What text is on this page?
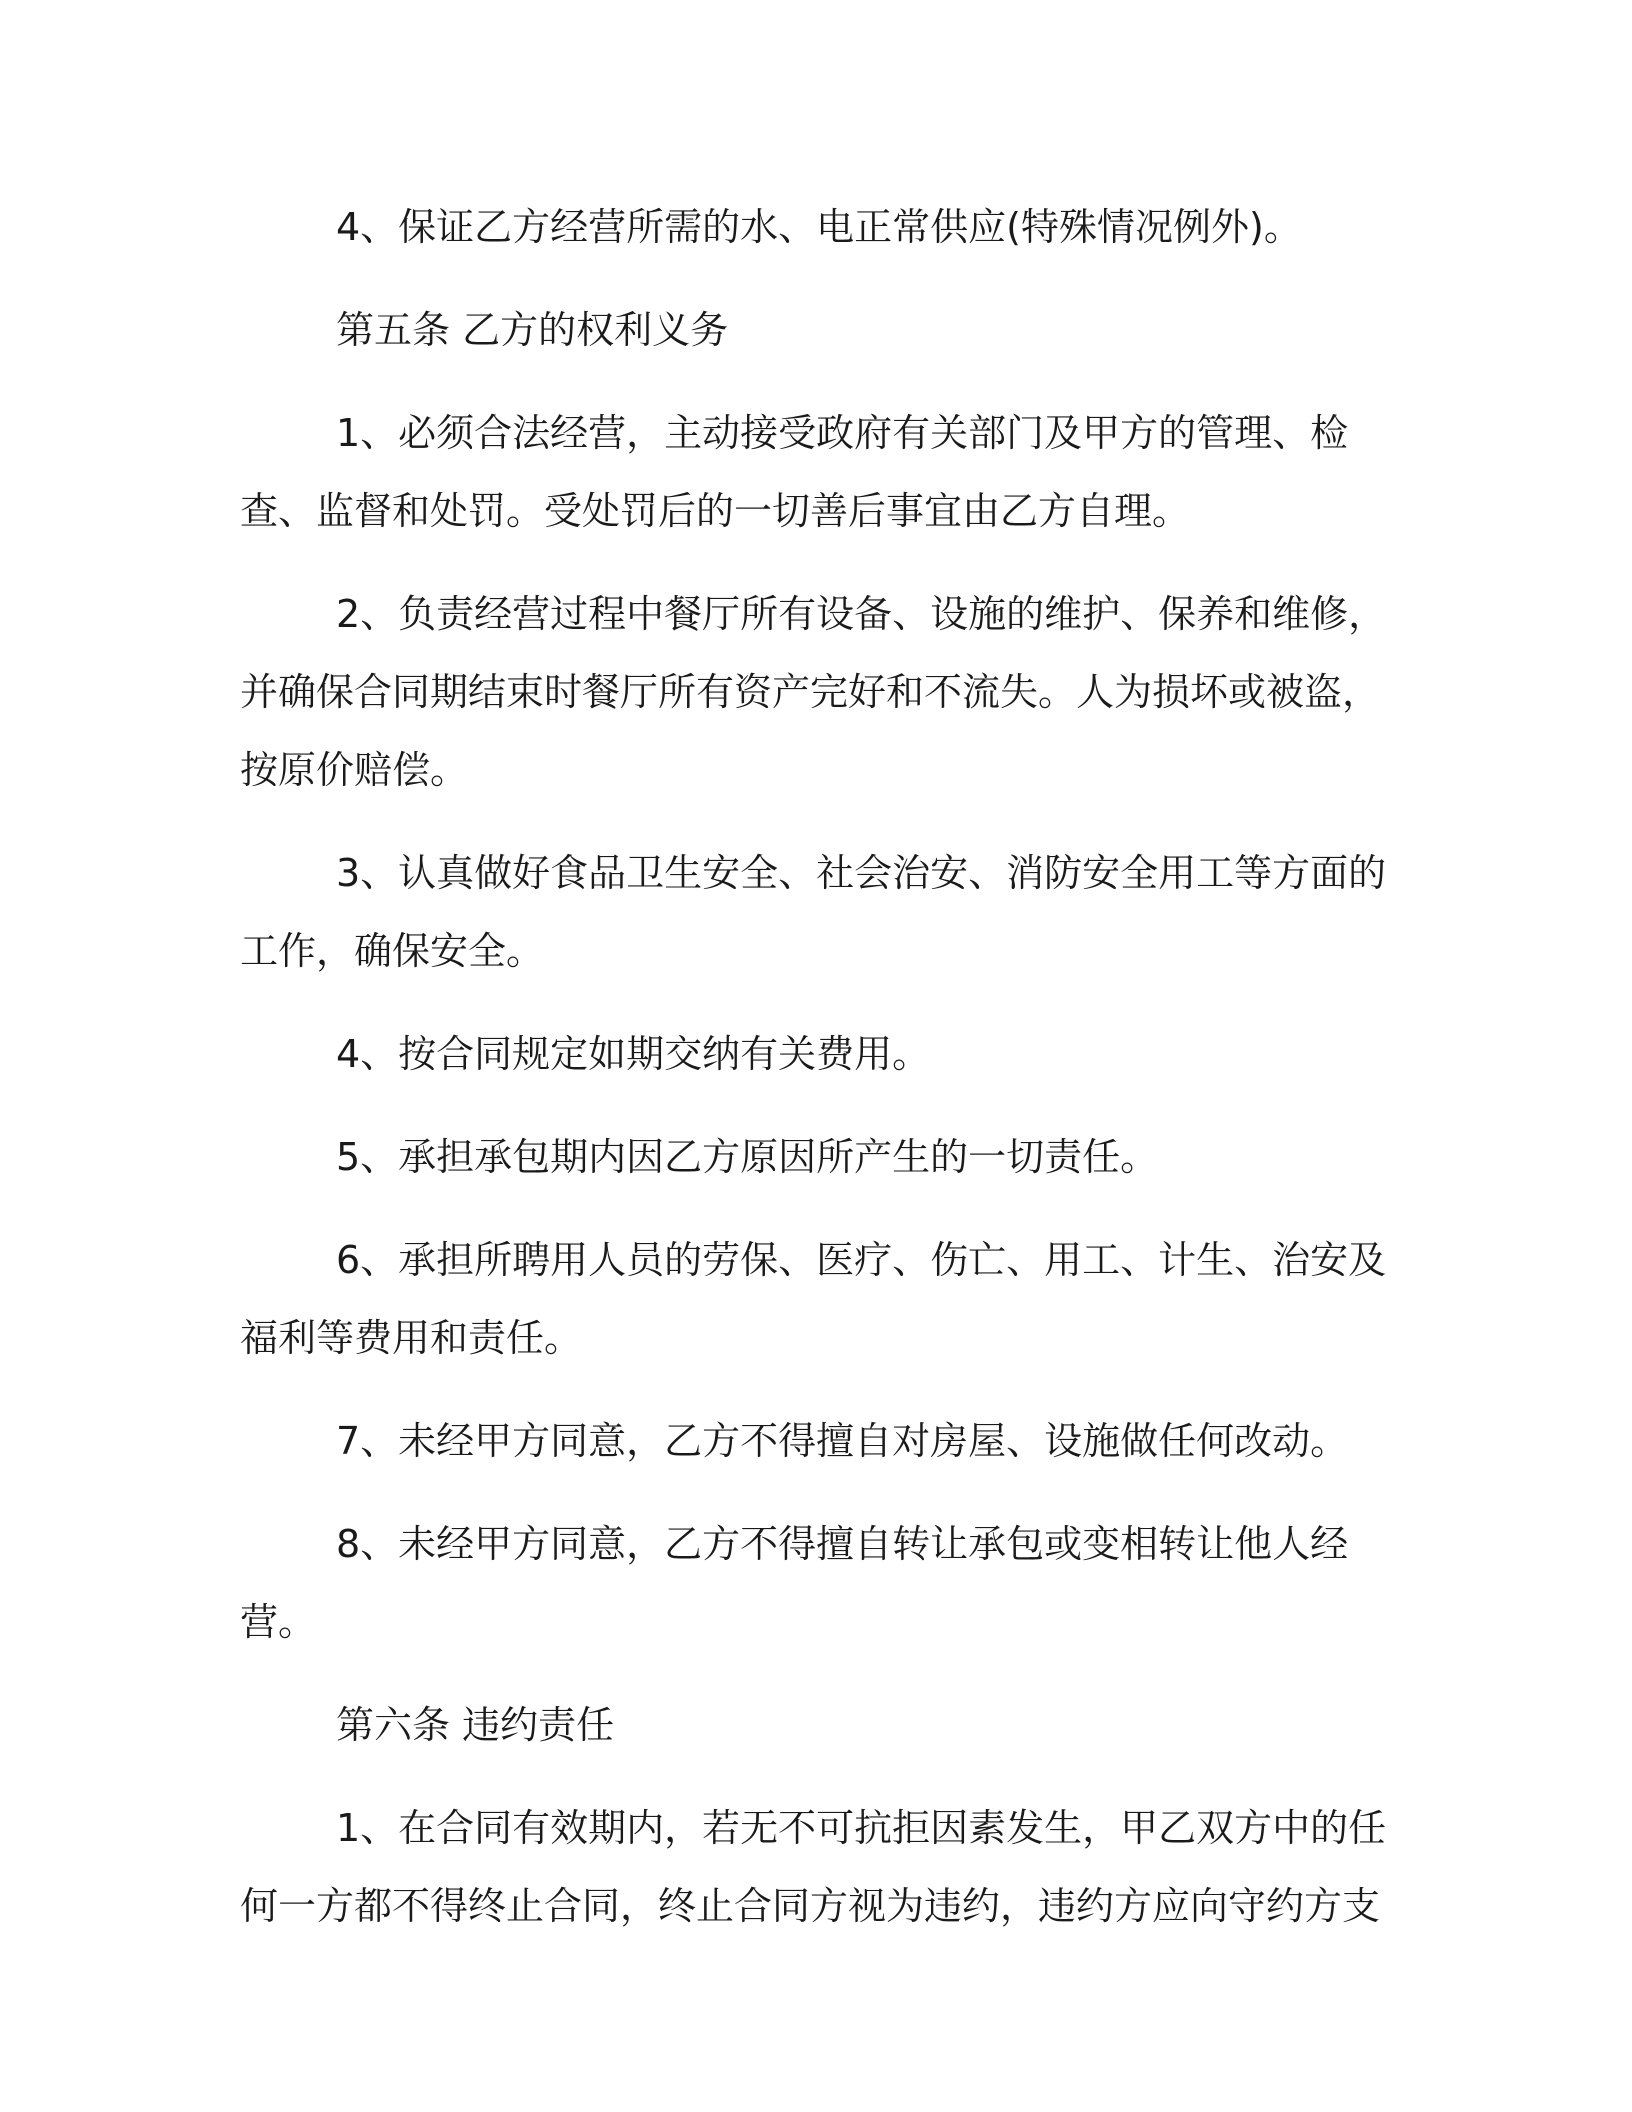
4、保证乙方经营所需的水、电正常供应(特殊情况例外)。

第五条 乙方的权利义务

1、必须合法经营，主动接受政府有关部门及甲方的管理、检查、监督和处罚。受处罚后的一切善后事宜由乙方自理。

2、负责经营过程中餐厅所有设备、设施的维护、保养和维修，并确保合同期结束时餐厅所有资产完好和不流失。人为损坏或被盗，按原价赔偿。

3、认真做好食品卫生安全、社会治安、消防安全用工等方面的工作，确保安全。

4、按合同规定如期交纳有关费用。

5、承担承包期内因乙方原因所产生的一切责任。

6、承担所聘用人员的劳保、医疗、伤亡、用工、计生、治安及福利等费用和责任。

7、未经甲方同意，乙方不得擅自对房屋、设施做任何改动。

8、未经甲方同意，乙方不得擅自转让承包或变相转让他人经营。

第六条 违约责任

1、在合同有效期内，若无不可抗拒因素发生，甲乙双方中的任何一方都不得终止合同，终止合同方视为违约，违约方应向守约方支
